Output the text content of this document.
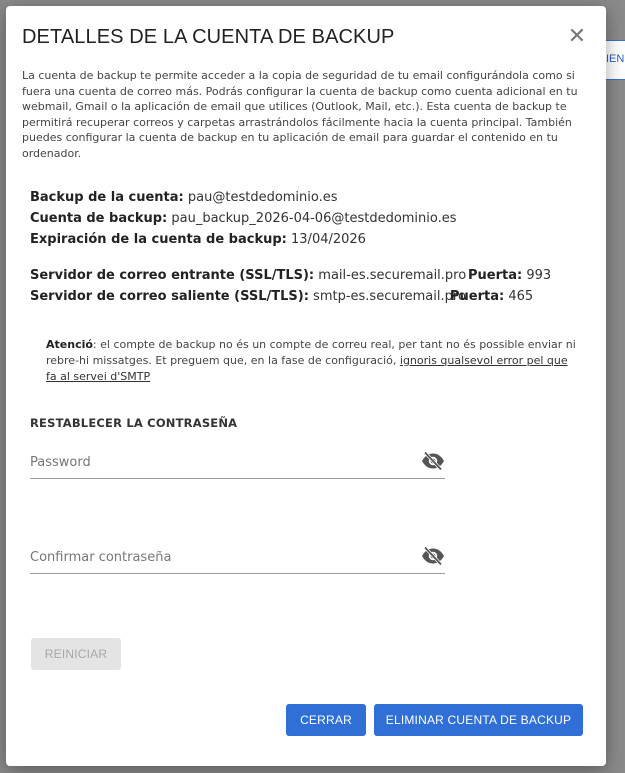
IEN
DETALLES DE LA CUENTA DE BACKUP	✕

La cuenta de backup te permite acceder a la copia de seguridad de tu email configurándola como si fuera una cuenta de correo más. Podrás configurar la cuenta de backup como cuenta adicional en tu webmail, Gmail o la aplicación de email que utilices (Outlook, Mail, etc.). Esta cuenta de backup te permitirá recuperar correos y carpetas arrastrándolos fácilmente hacia la cuenta principal. También puedes configurar la cuenta de backup en tu aplicación de email para guardar el contenido en tu ordenador.

Backup de la cuenta: pau@testdedominio.es
Cuenta de backup: pau_backup_2026-04-06@testdedominio.es
Expiración de la cuenta de backup: 13/04/2026
Servidor de correo entrante (SSL/TLS): mail-es.securemail.pro Puerta: 993
Servidor de correo saliente (SSL/TLS): smtp-es.securemail.pro
Puerta: 465

Atenció: el compte de backup no és un compte de correu real, per tant no és possible enviar ni rebre-hi missatges. Et preguem que, en la fase de configuració, ignoris qualsevol error pel que fa al servei d'SMTP

RESTABLECER LA CONTRASEÑA
REINICIAR
CERRAR	ELIMINAR CUENTA DE BACKUP
